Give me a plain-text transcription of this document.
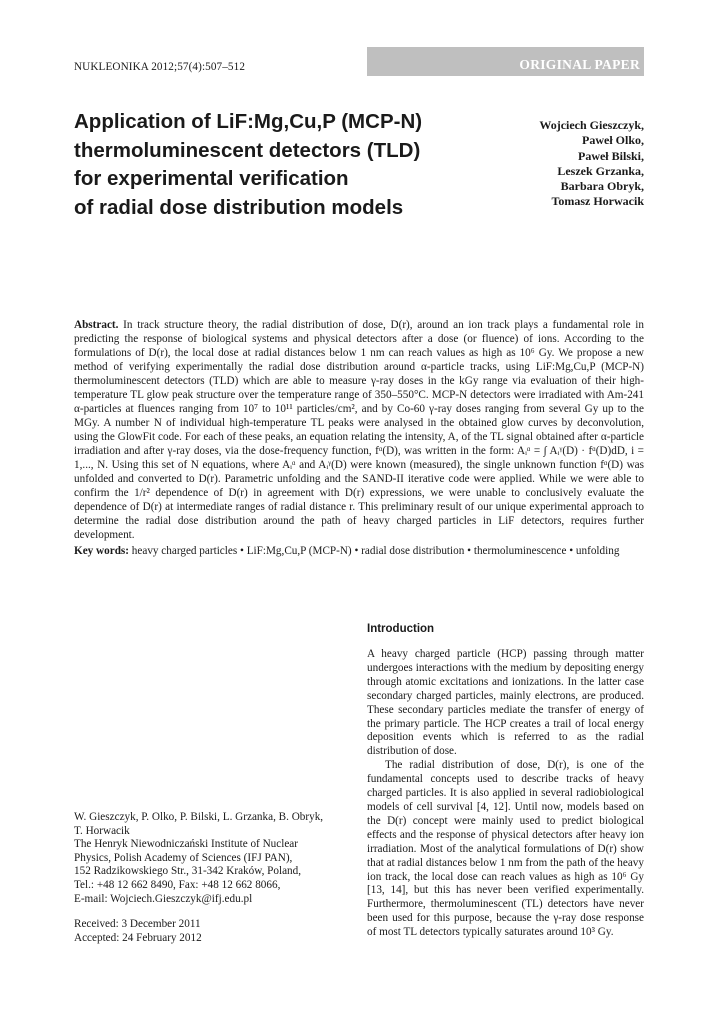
NUKLEONIKA 2012;57(4):507–512	ORIGINAL PAPER
Application of LiF:Mg,Cu,P (MCP-N)
thermoluminescent detectors (TLD)
for experimental verification
of radial dose distribution models
Wojciech Gieszczyk,
Paweł Olko,
Paweł Bilski,
Leszek Grzanka,
Barbara Obryk,
Tomasz Horwacik
Abstract. In track structure theory, the radial distribution of dose, D(r), around an ion track plays a fundamental role in predicting the response of biological systems and physical detectors after a dose (or fluence) of ions. According to the formulations of D(r), the local dose at radial distances below 1 nm can reach values as high as 10⁶ Gy. We propose a new method of verifying experimentally the radial dose distribution around α-particle tracks, using LiF:Mg,Cu,P (MCP-N) thermoluminescent detectors (TLD) which are able to measure γ-ray doses in the kGy range via evaluation of their high-temperature TL glow peak structure over the temperature range of 350–550°C. MCP-N detectors were irradiated with Am-241 α-particles at fluences ranging from 10⁷ to 10¹¹ particles/cm², and by Co-60 γ-ray doses ranging from several Gy up to the MGy. A number N of individual high-temperature TL peaks were analysed in the obtained glow curves by deconvolution, using the GlowFit code. For each of these peaks, an equation relating the intensity, A, of the TL signal obtained after α-particle irradiation and after γ-ray doses, via the dose-frequency function, fᵅ(D), was written in the form: Aᵢᵅ = ∫ Aᵢᵞ(D) · fᵅ(D)dD, i = 1,..., N. Using this set of N equations, where Aᵢᵅ and Aᵢᵞ(D) were known (measured), the single unknown function fᵅ(D) was unfolded and converted to D(r). Parametric unfolding and the SAND-II iterative code were applied. While we were able to confirm the 1/r² dependence of D(r) in agreement with D(r) expressions, we were unable to conclusively evaluate the dependence of D(r) at intermediate ranges of radial distance r. This preliminary result of our unique experimental approach to determine the radial dose distribution around the path of heavy charged particles in LiF detectors, requires further development.
Key words: heavy charged particles • LiF:Mg,Cu,P (MCP-N) • radial dose distribution • thermoluminescence • unfolding
Introduction

A heavy charged particle (HCP) passing through matter undergoes interactions with the medium by depositing energy through atomic excitations and ionizations. In the latter case secondary charged particles, mainly electrons, are produced. These secondary particles mediate the transfer of energy of the primary particle. The HCP creates a trail of local energy deposition events which is referred to as the radial distribution of dose.

The radial distribution of dose, D(r), is one of the fundamental concepts used to describe tracks of heavy charged particles. It is also applied in several radiobiological models of cell survival [4, 12]. Until now, models based on the D(r) concept were mainly used to predict biological effects and the response of physical detectors after heavy ion irradiation. Most of the analytical formulations of D(r) show that at radial distances below 1 nm from the path of the heavy ion track, the local dose can reach values as high as 10⁶ Gy [13, 14], but this has never been verified experimentally. Furthermore, thermoluminescent (TL) detectors have never been used for this purpose, because the γ-ray dose response of most TL detectors typically saturates around 10³ Gy.

W. Gieszczyk, P. Olko, P. Bilski, L. Grzanka, B. Obryk,
T. Horwacik
The Henryk Niewodniczański Institute of Nuclear
Physics, Polish Academy of Sciences (IFJ PAN),
152 Radzikowskiego Str., 31-342 Kraków, Poland,
Tel.: +48 12 662 8490, Fax: +48 12 662 8066,
E-mail: Wojciech.Gieszczyk@ifj.edu.pl
Received: 3 December 2011
Accepted: 24 February 2012
